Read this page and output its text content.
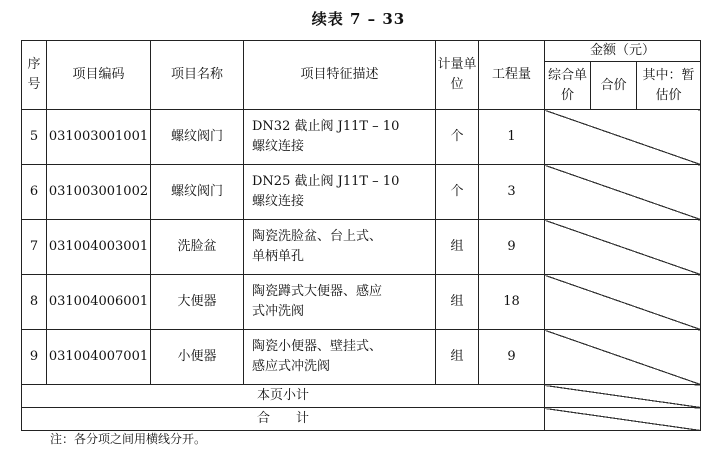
续表 7 – 33
序号	项目编码	项目名称	项目特征描述	计量单位	工程量	金额（元）		
						综合单价	合价	其中：暂估价
5	031003001001	螺纹阀门	DN32 截止阀 J11T – 10
螺纹连接	个	1			
6	031003001002	螺纹阀门	DN25 截止阀 J11T – 10
螺纹连接	个	3			
7	031004003001	洗脸盆	陶瓷洗脸盆、台上式、
单柄单孔	组	9			
8	031004006001	大便器	陶瓷蹲式大便器、感应
式冲洗阀	组	18			
9	031004007001	小便器	陶瓷小便器、壁挂式、
感应式冲洗阀	组	9			
本页小计								
合　　计								
注：各分项之间用横线分开。
